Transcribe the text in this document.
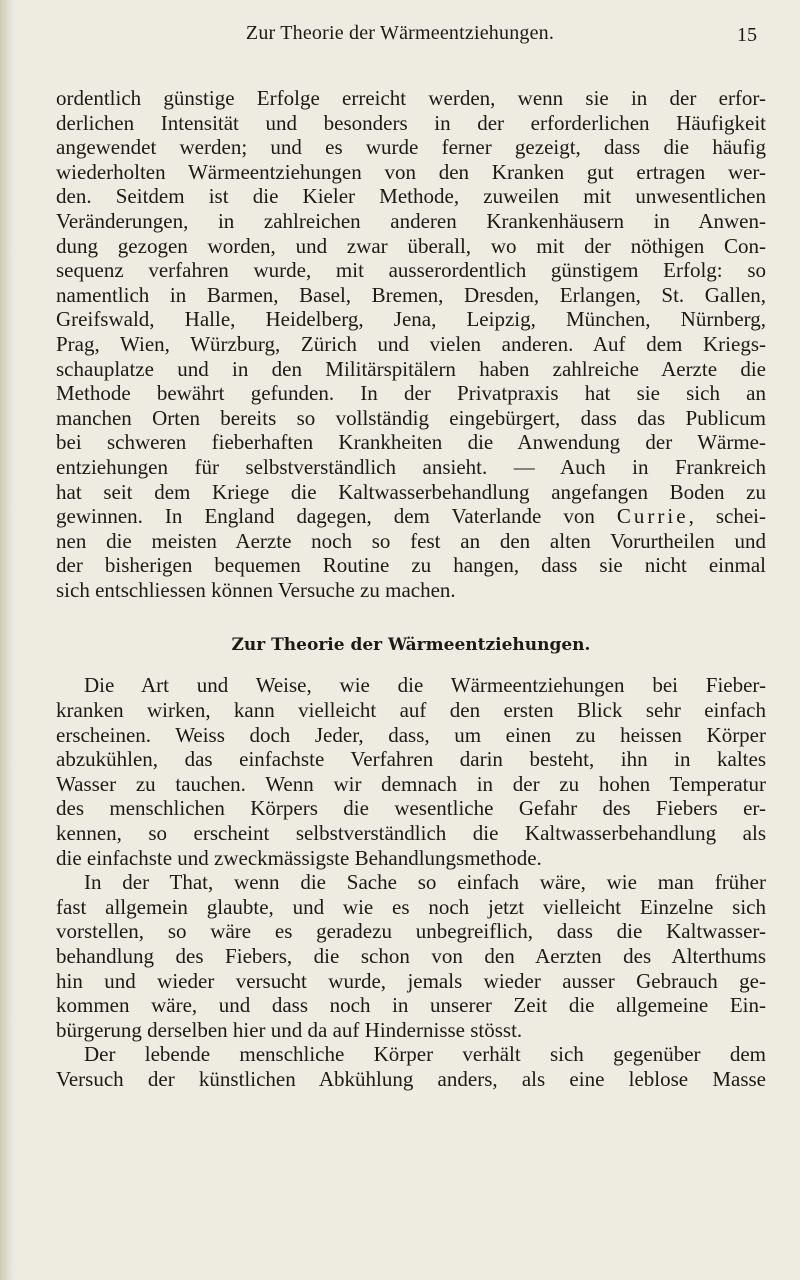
Zur Theorie der Wärmeentziehungen.	15
ordentlich günstige Erfolge erreicht werden, wenn sie in der erfor-
derlichen Intensität und besonders in der erforderlichen Häufigkeit
angewendet werden; und es wurde ferner gezeigt, dass die häufig
wiederholten Wärmeentziehungen von den Kranken gut ertragen wer-
den. Seitdem ist die Kieler Methode, zuweilen mit unwesentlichen
Veränderungen, in zahlreichen anderen Krankenhäusern in Anwen-
dung gezogen worden, und zwar überall, wo mit der nöthigen Con-
sequenz verfahren wurde, mit ausserordentlich günstigem Erfolg: so
namentlich in Barmen, Basel, Bremen, Dresden, Erlangen, St. Gallen,
Greifswald, Halle, Heidelberg, Jena, Leipzig, München, Nürnberg,
Prag, Wien, Würzburg, Zürich und vielen anderen. Auf dem Kriegs-
schauplatze und in den Militärspitälern haben zahlreiche Aerzte die
Methode bewährt gefunden. In der Privatpraxis hat sie sich an
manchen Orten bereits so vollständig eingebürgert, dass das Publicum
bei schweren fieberhaften Krankheiten die Anwendung der Wärme-
entziehungen für selbstverständlich ansieht. — Auch in Frankreich
hat seit dem Kriege die Kaltwasserbehandlung angefangen Boden zu
gewinnen. In England dagegen, dem Vaterlande von Currie, schei-
nen die meisten Aerzte noch so fest an den alten Vorurtheilen und
der bisherigen bequemen Routine zu hangen, dass sie nicht einmal
sich entschliessen können Versuche zu machen.
Zur Theorie der Wärmeentziehungen.
Die Art und Weise, wie die Wärmeentziehungen bei Fieber-
kranken wirken, kann vielleicht auf den ersten Blick sehr einfach
erscheinen. Weiss doch Jeder, dass, um einen zu heissen Körper
abzukühlen, das einfachste Verfahren darin besteht, ihn in kaltes
Wasser zu tauchen. Wenn wir demnach in der zu hohen Temperatur
des menschlichen Körpers die wesentliche Gefahr des Fiebers er-
kennen, so erscheint selbstverständlich die Kaltwasserbehandlung als
die einfachste und zweckmässigste Behandlungsmethode.
In der That, wenn die Sache so einfach wäre, wie man früher
fast allgemein glaubte, und wie es noch jetzt vielleicht Einzelne sich
vorstellen, so wäre es geradezu unbegreiflich, dass die Kaltwasser-
behandlung des Fiebers, die schon von den Aerzten des Alterthums
hin und wieder versucht wurde, jemals wieder ausser Gebrauch ge-
kommen wäre, und dass noch in unserer Zeit die allgemeine Ein-
bürgerung derselben hier und da auf Hindernisse stösst.
Der lebende menschliche Körper verhält sich gegenüber dem
Versuch der künstlichen Abkühlung anders, als eine leblose Masse
